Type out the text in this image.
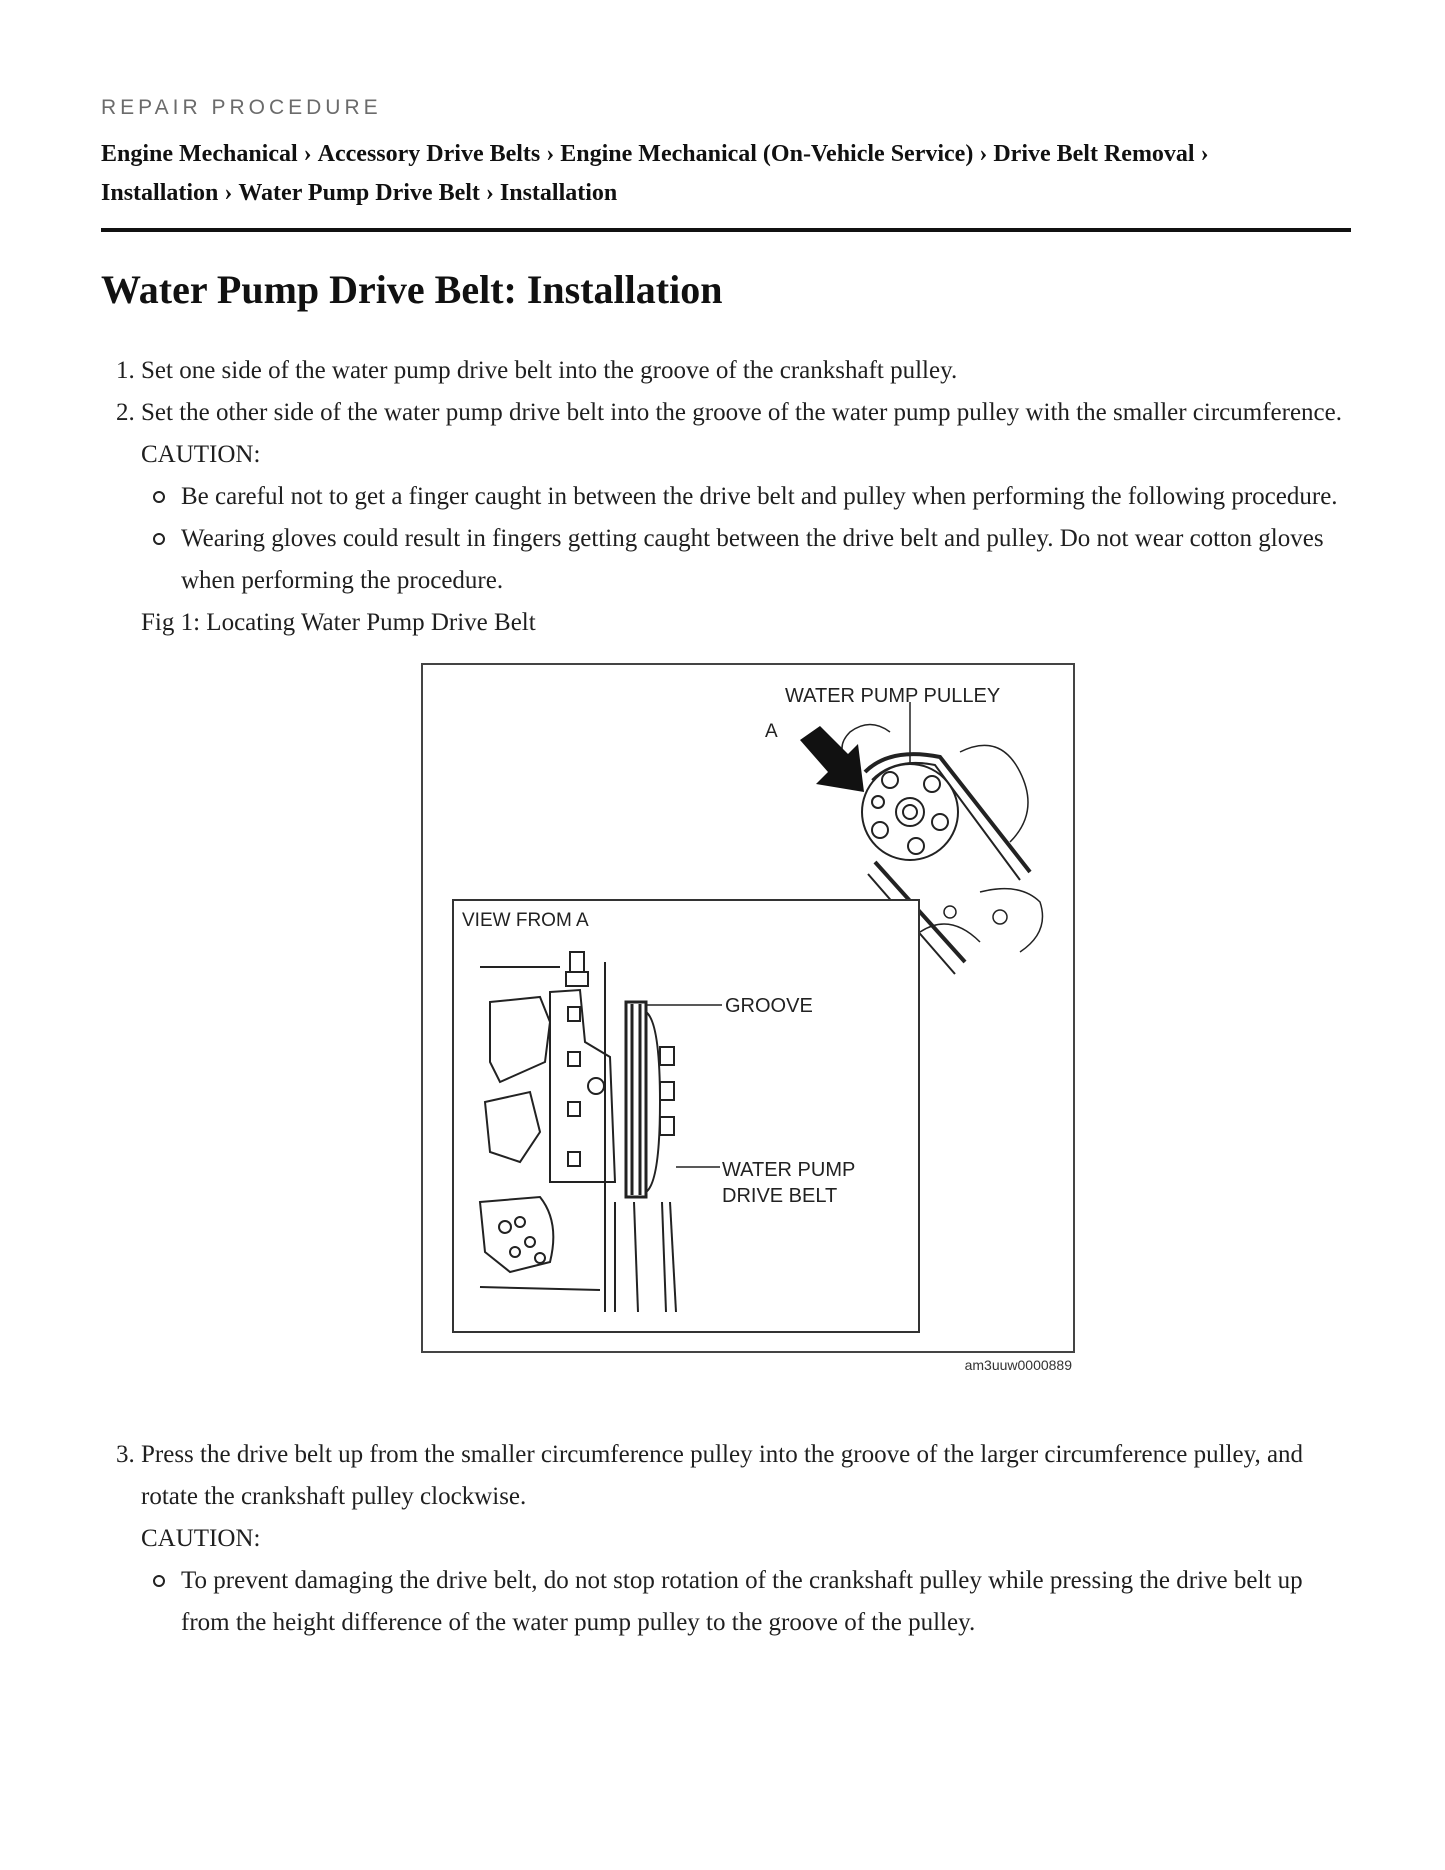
REPAIR PROCEDURE
Engine Mechanical › Accessory Drive Belts › Engine Mechanical (On-Vehicle Service) › Drive Belt Removal ›
Installation › Water Pump Drive Belt › Installation
Water Pump Drive Belt: Installation
1. Set one side of the water pump drive belt into the groove of the crankshaft pulley.
2. Set the other side of the water pump drive belt into the groove of the water pump pulley with the smaller circumference.
CAUTION:
Be careful not to get a finger caught in between the drive belt and pulley when performing the following procedure.
Wearing gloves could result in fingers getting caught between the drive belt and pulley. Do not wear cotton gloves when performing the procedure.
Fig 1: Locating Water Pump Drive Belt
WATER PUMP PULLEY
A
VIEW FROM A
GROOVE
WATER PUMP
DRIVE BELT
am3uuw0000889
3. Press the drive belt up from the smaller circumference pulley into the groove of the larger circumference pulley, and rotate the crankshaft pulley clockwise.
CAUTION:
To prevent damaging the drive belt, do not stop rotation of the crankshaft pulley while pressing the drive belt up from the height difference of the water pump pulley to the groove of the pulley.
